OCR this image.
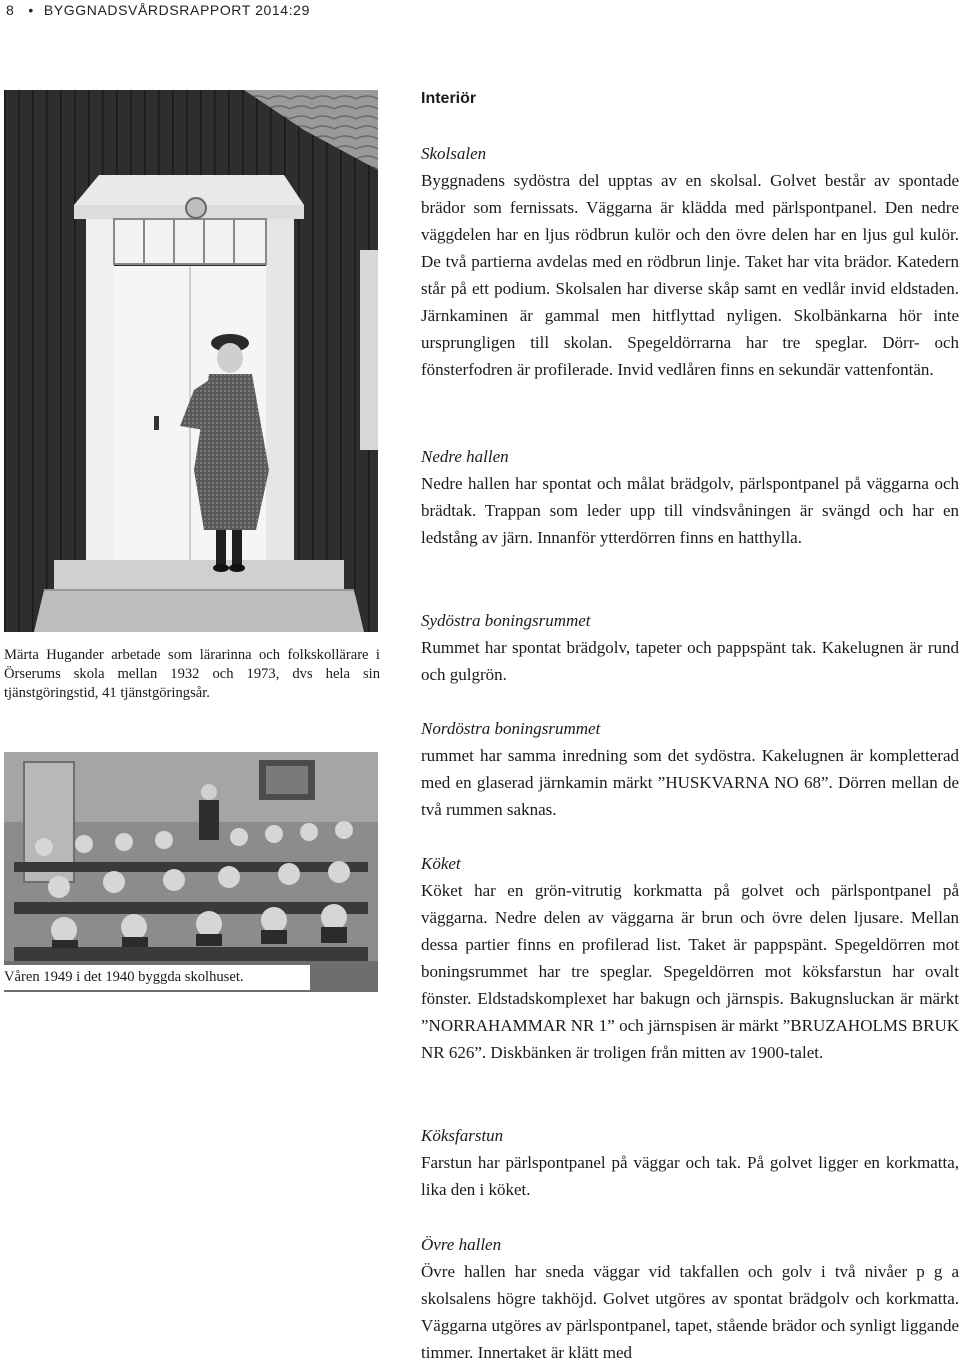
8 • BYGGNADSVÅRDSRAPPORT 2014:29
Märta Hugander arbetade som lärarinna och folkskollärare i Örserums skola mellan 1932 och 1973, dvs hela sin tjänstgöringstid, 41 tjänstgöringsår.
Våren 1949 i det 1940 byggda skolhuset.

Interiör

Skolsalen

Byggnadens sydöstra del upptas av en skolsal. Golvet består av spontade brädor som fernissats. Väggarna är klädda med pärlspontpanel. Den nedre väggdelen har en ljus rödbrun kulör och den övre delen har en ljus gul kulör. De två partierna avdelas med en rödbrun linje. Taket har vita brädor. Katedern står på ett podium. Skolsalen har diverse skåp samt en vedlår invid eldstaden. Järnkaminen är gammal men hitflyttad nyligen. Skolbänkarna hör inte ursprungligen till skolan. Spegeldörrarna har tre speglar. Dörr- och fönsterfodren är profilerade. Invid vedlåren finns en sekundär vattenfontän.

Nedre hallen

Nedre hallen har spontat och målat brädgolv, pärlspontpanel på väggarna och brädtak. Trappan som leder upp till vindsvåningen är svängd och har en ledstång av järn. Innanför ytterdörren finns en hatthylla.

Sydöstra boningsrummet

Rummet har spontat brädgolv, tapeter och pappspänt tak. Kakelugnen är rund och gulgrön.

Nordöstra boningsrummet

rummet har samma inredning som det sydöstra. Kakelugnen är kompletterad med en glaserad järnkamin märkt ”HUSKVARNA NO 68”. Dörren mellan de två rummen saknas.

Köket

Köket har en grön-vitrutig korkmatta på golvet och pärlspontpanel på väggarna. Nedre delen av väggarna är brun och övre delen ljusare. Mellan dessa partier finns en profilerad list. Taket är pappspänt. Spegeldörren mot boningsrummet har tre speglar. Spegeldörren mot köksfarstun har ovalt fönster. Eldstadskomplexet har bakugn och järnspis. Bakugnsluckan är märkt ”NORRAHAMMAR NR 1” och järnspisen är märkt ”BRUZAHOLMS BRUK NR 626”. Diskbänken är troligen från mitten av 1900-talet.

Köksfarstun

Farstun har pärlspontpanel på väggar och tak. På golvet ligger en korkmatta, lika den i köket.

Övre hallen

Övre hallen har sneda väggar vid takfallen och golv i två nivåer p g a skolsalens högre takhöjd. Golvet utgöres av spontat brädgolv och korkmatta. Väggarna utgöres av pärlspontpanel, tapet, stående brädor och synligt liggande timmer. Innertaket är klätt med
